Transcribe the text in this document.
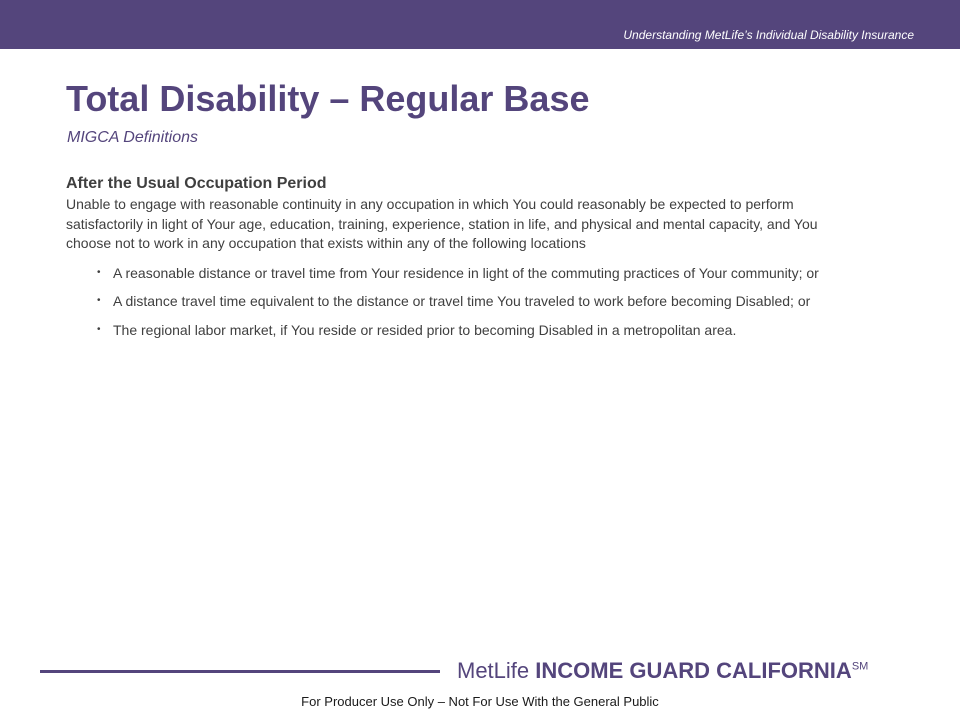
Understanding MetLife’s Individual Disability Insurance
Total Disability – Regular Base
MIGCA Definitions
After the Usual Occupation Period

Unable to engage with reasonable continuity in any occupation in which You could reasonably be expected to perform satisfactorily in light of Your age, education, training, experience, station in life, and physical and mental capacity, and You choose not to work in any occupation that exists within any of the following locations

• A reasonable distance or travel time from Your residence in light of the commuting practices of Your community; or
• A distance travel time equivalent to the distance or travel time You traveled to work before becoming Disabled; or
• The regional labor market, if You reside or resided prior to becoming Disabled in a metropolitan area.
MetLife INCOME GUARD CALIFORNIA℠
For Producer Use Only – Not For Use With the General Public
